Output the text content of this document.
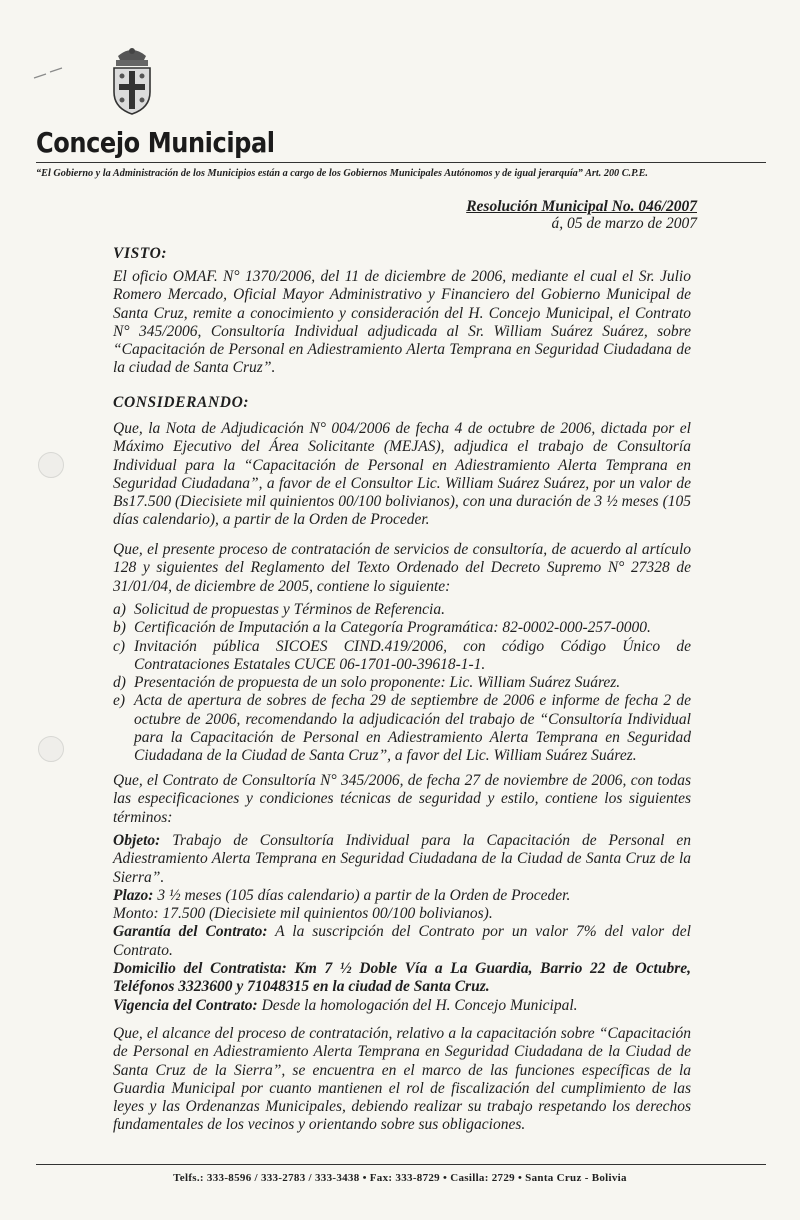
Concejo Municipal
“El Gobierno y la Administración de los Municipios están a cargo de los Gobiernos Municipales Autónomos y de igual jerarquía” Art. 200 C.P.E.
Resolución Municipal No. 046/2007
á, 05 de marzo de 2007
VISTO:
El oficio OMAF. N° 1370/2006, del 11 de diciembre de 2006, mediante el cual el Sr. Julio Romero Mercado, Oficial Mayor Administrativo y Financiero del Gobierno Municipal de Santa Cruz, remite a conocimiento y consideración del H. Concejo Municipal, el Contrato N° 345/2006, Consultoría Individual adjudicada al Sr. William Suárez Suárez, sobre “Capacitación de Personal en Adiestramiento Alerta Temprana en Seguridad Ciudadana de la ciudad de Santa Cruz”.
CONSIDERANDO:
Que, la Nota de Adjudicación N° 004/2006 de fecha 4 de octubre de 2006, dictada por el Máximo Ejecutivo del Área Solicitante (MEJAS), adjudica el trabajo de Consultoría Individual para la “Capacitación de Personal en Adiestramiento Alerta Temprana en Seguridad Ciudadana”, a favor de el Consultor Lic. William Suárez Suárez, por un valor de Bs17.500 (Diecisiete mil quinientos 00/100 bolivianos), con una duración de 3 ½ meses (105 días calendario), a partir de la Orden de Proceder.
Que, el presente proceso de contratación de servicios de consultoría, de acuerdo al artículo 128 y siguientes del Reglamento del Texto Ordenado del Decreto Supremo N° 27328 de 31/01/04, de diciembre de 2005, contiene lo siguiente:
a) Solicitud de propuestas y Términos de Referencia.
b) Certificación de Imputación a la Categoría Programática: 82-0002-000-257-0000.
c) Invitación pública SICOES CIND.419/2006, con código Código Único de Contrataciones Estatales CUCE 06-1701-00-39618-1-1.
d) Presentación de propuesta de un solo proponente: Lic. William Suárez Suárez.
e) Acta de apertura de sobres de fecha 29 de septiembre de 2006 e informe de fecha 2 de octubre de 2006, recomendando la adjudicación del trabajo de “Consultoría Individual para la Capacitación de Personal en Adiestramiento Alerta Temprana en Seguridad Ciudadana de la Ciudad de Santa Cruz”, a favor del Lic. William Suárez Suárez.
Que, el Contrato de Consultoría N° 345/2006, de fecha 27 de noviembre de 2006, con todas las especificaciones y condiciones técnicas de seguridad y estilo, contiene los siguientes términos:
Objeto: Trabajo de Consultoría Individual para la Capacitación de Personal en Adiestramiento Alerta Temprana en Seguridad Ciudadana de la Ciudad de Santa Cruz de la Sierra”.
Plazo: 3 ½ meses (105 días calendario) a partir de la Orden de Proceder.
Monto: 17.500 (Diecisiete mil quinientos 00/100 bolivianos).
Garantía del Contrato: A la suscripción del Contrato por un valor 7% del valor del Contrato.
Domicilio del Contratista: Km 7 ½ Doble Vía a La Guardia, Barrio 22 de Octubre, Teléfonos 3323600 y 71048315 en la ciudad de Santa Cruz.
Vigencia del Contrato: Desde la homologación del H. Concejo Municipal.
Que, el alcance del proceso de contratación, relativo a la capacitación sobre “Capacitación de Personal en Adiestramiento Alerta Temprana en Seguridad Ciudadana de la Ciudad de Santa Cruz de la Sierra”, se encuentra en el marco de las funciones específicas de la Guardia Municipal por cuanto mantienen el rol de fiscalización del cumplimiento de las leyes y las Ordenanzas Municipales, debiendo realizar su trabajo respetando los derechos fundamentales de los vecinos y orientando sobre sus obligaciones.
Telfs.: 333-8596 / 333-2783 / 333-3438 • Fax: 333-8729 • Casilla: 2729 • Santa Cruz - Bolivia
